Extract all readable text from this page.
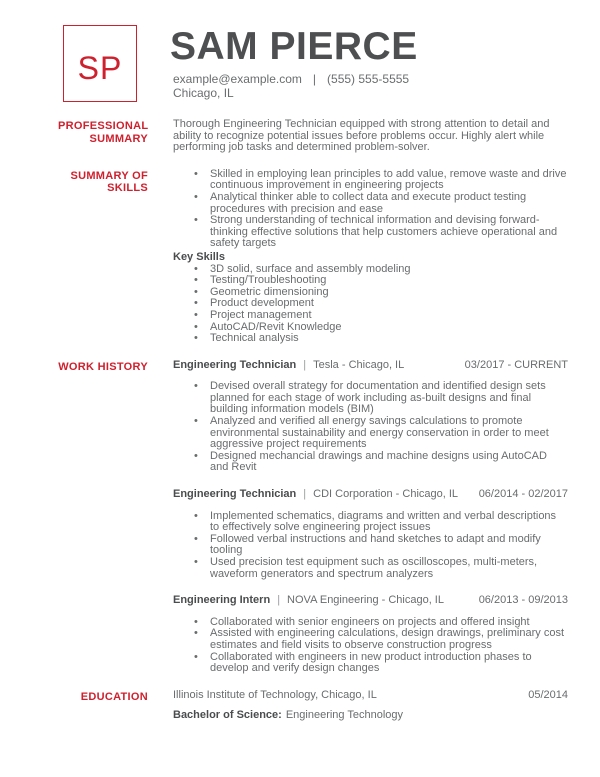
SP SAM PIERCE
example@example.com | (555) 555-5555
Chicago, IL
PROFESSIONAL SUMMARY

Thorough Engineering Technician equipped with strong attention to detail and ability to recognize potential issues before problems occur. Highly alert while performing job tasks and determined problem-solver.

SUMMARY OF SKILLS
• Skilled in employing lean principles to add value, remove waste and drive continuous improvement in engineering projects
• Analytical thinker able to collect data and execute product testing procedures with precision and ease
• Strong understanding of technical information and devising forward-thinking effective solutions that help customers achieve operational and safety targets
Key Skills
• 3D solid, surface and assembly modeling
• Testing/Troubleshooting
• Geometric dimensioning
• Product development
• Project management
• AutoCAD/Revit Knowledge
• Technical analysis
WORK HISTORY Engineering Technician | Tesla - Chicago, IL	03/2017 - CURRENT
• Devised overall strategy for documentation and identified design sets planned for each stage of work including as-built designs and final building information models (BIM)
• Analyzed and verified all energy savings calculations to promote environmental sustainability and energy conservation in order to meet aggressive project requirements
• Designed mechancial drawings and machine designs using AutoCAD and Revit
Engineering Technician | CDI Corporation - Chicago, IL	06/2014 - 02/2017
• Implemented schematics, diagrams and written and verbal descriptions to effectively solve engineering project issues
• Followed verbal instructions and hand sketches to adapt and modify tooling
• Used precision test equipment such as oscilloscopes, multi-meters, waveform generators and spectrum analyzers
Engineering Intern | NOVA Engineering - Chicago, IL	06/2013 - 09/2013
• Collaborated with senior engineers on projects and offered insight
• Assisted with engineering calculations, design drawings, preliminary cost estimates and field visits to observe construction progress
• Collaborated with engineers in new product introduction phases to develop and verify design changes
EDUCATION Illinois Institute of Technology, Chicago, IL	05/2014

Bachelor of Science: Engineering Technology
